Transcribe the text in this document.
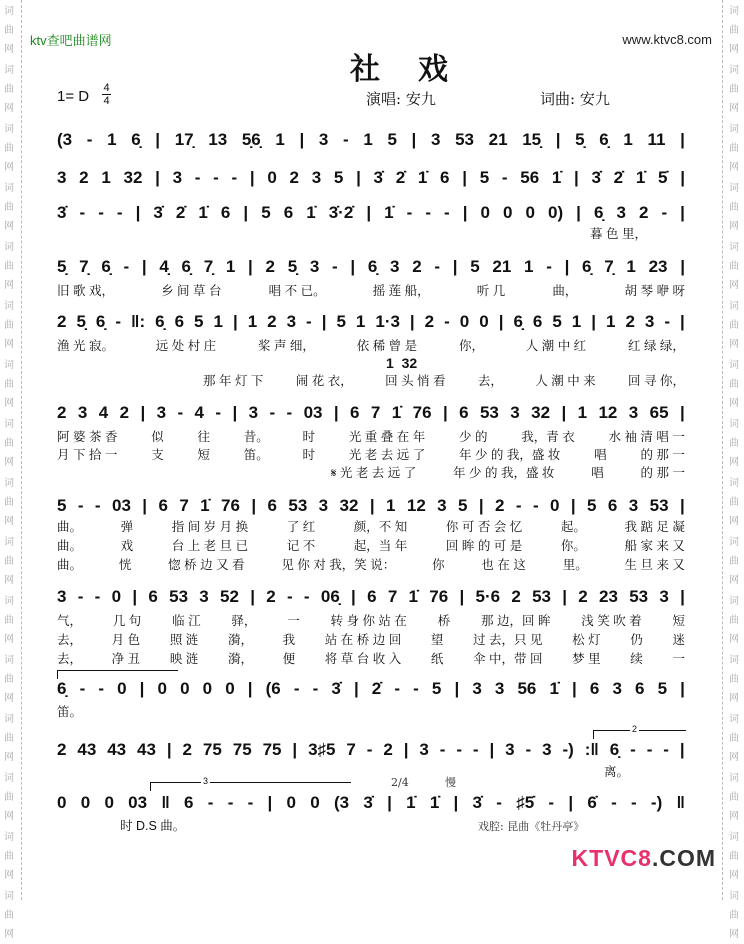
词
曲
网
词
曲
网
词
曲
网
词
曲
网
词
曲
网
词
曲
网
词
曲
网
词
曲
网
词
曲
网
词
曲
网
词
曲
网
词
曲
网
词
曲
网
词
曲
网
词
曲
网
词
曲
网
词
曲
网
词
曲
网
词
曲
网
词
曲
网
词
曲
网
词
曲
网
词
曲
网
词
曲
网
词
曲
网
词
曲
网
词
曲
网
词
曲
网
词
曲
网
词
曲
网
词
曲
网
词
曲
网
ktv查吧曲谱网	www.ktvc8.com
社戏
1= D 4
4	演唱: 安九	词曲: 安九
(3 - 1 6̣ | 17̣ 13 5̣6̣ 1 | 3 - 1 5 | 3 53 21 15̣ | 5̣ 6̣ 1 11 |
3 2 1 32 | 3 - - - | 0 2 3 5 | 3̇ 2̇ 1̇ 6 | 5 - 56 1̇ | 3̇ 2̇ 1̇ 5̇ |
3̇ - - - | 3̇ 2̇ 1̇ 6 | 5 6 1̇ 3̇·2̇ | 1̇ - - - | 0 0 0 0) | 6̣ 3 2 - |
暮 色 里，
5̣ 7̣ 6̣ - | 4̣ 6̣ 7̣ 1 | 2 5̣ 3 - | 6̣ 3 2 - | 5 21 1 - | 6̣ 7̣ 1 23 |
旧 歌 戏，	乡 间 草 台	唱 不 已。	摇 莲 船，	听 几	曲，	胡 琴 咿 呀
2 5̣ 6̣ - ‖: 6̣ 6 5 1 | 1 2 3 - | 5 1 1·3 | 2 - 0 0 | 6̣ 6 5 1 | 1 2 3 - |
渔 光 寂。	远 处 村 庄	桨 声 细，	依 稀 曾 是	你，	人 潮 中 红	红 绿 绿，
那 年 灯 下	闹 花 衣，	回 头 悄 看	去，	人 潮 中 来	回 寻 你，
2 3 4 2 | 3 - 4 - | 3 - - 03 | 6 7 1̇ 76 | 6 53 3 32 | 1 12 3 65 |
阿 婆 茶 香	似	往	昔。	时	光 重 叠 在 年	少 的	我，青 衣	水 袖 清 唱 一
月 下 拾 一	支	短	笛。	时	光 老 去 远 了	年 少 的 我，盛 妆	唱	的 那 一
𝄋 光 老 去 远 了	年 少 的 我，盛 妆	唱	的 那 一
5 - - 03 | 6 7 1̇ 76 | 6 53 3 32 | 1 12 3 5 | 2 - - 0 | 5 6 3 53 |
曲。	弹	指 间 岁 月 换	了 红	颜，不 知	你 可 否 会 忆	起。	我 踮 足 凝
曲。	戏	台 上 老 旦 已	记 不	起，当 年	回 眸 的 可 是	你。	船 家 来 又
曲。	恍	惚 桥 边 又 看	见 你 对 我，笑 说：	你	也 在 这	里。	生 旦 来 又
3 - - 0 | 6 53 3 52 | 2 - - 06̣ | 6 7 1̇ 76 | 5·6 2 53 | 2 23 53 3 |
气， 几 句 临 江 驿， 一 转 身 你 站 在 桥 那 边，回 眸 浅 笑 吹 着 短
去， 月 色 照 涟 漪， 我 站 在 桥 边 回 望 过 去，只 见 松 灯 仍 迷
去， 净 丑 映 涟 漪， 便 将 草 台 收 入 纸 伞 中，带 回 梦 里 续 一
6̣ - - 0 | 0 0 0 0 | (6 - - 3̇ | 2̇ - - 5 | 3 3 56 1̇ | 6 3 6 5 |
笛。
2 43 43 43 | 2 75 75 75 | 3♯5 7 - 2 | 3 - - - | 3 - 3 -) :‖ 6̣ - - - |
离。
0 0 0 03 ‖ 6 - - - | 0 0 (3 3̇ | 1̇ 1̇ | 3̇ - ♯5̇ - | 6̇ - - -) ‖
时 D.S 曲。
2
3	2/4	慢
戏腔: 昆曲《牡丹亭》
1  32
KTVC8.COM
